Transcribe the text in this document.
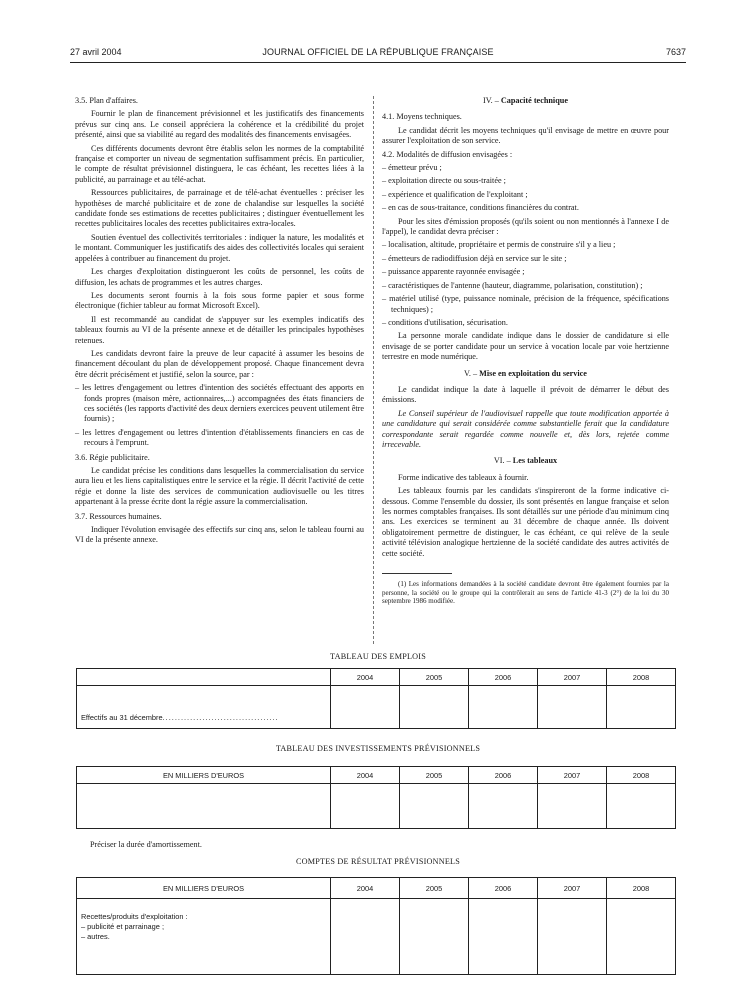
27 avril 2004	JOURNAL OFFICIEL DE LA RÉPUBLIQUE FRANÇAISE	7637

3.5. Plan d'affaires.

Fournir le plan de financement prévisionnel et les justificatifs des financements prévus sur cinq ans. Le conseil appréciera la cohérence et la crédibilité du projet présenté, ainsi que sa viabilité au regard des modalités des financements envisagées.

Ces différents documents devront être établis selon les normes de la comptabilité française et comporter un niveau de segmentation suffisamment précis. En particulier, le compte de résultat prévisionnel distinguera, le cas échéant, les recettes liées à la publicité, au parrainage et au télé-achat.

Ressources publicitaires, de parrainage et de télé-achat éventuelles : préciser les hypothèses de marché publicitaire et de zone de chalandise sur lesquelles la société candidate fonde ses estimations de recettes publicitaires ; distinguer éventuellement les recettes publicitaires locales des recettes publicitaires extra-locales.

Soutien éventuel des collectivités territoriales : indiquer la nature, les modalités et le montant. Communiquer les justificatifs des aides des collectivités locales qui seraient appelées à contribuer au financement du projet.

Les charges d'exploitation distingueront les coûts de personnel, les coûts de diffusion, les achats de programmes et les autres charges.

Les documents seront fournis à la fois sous forme papier et sous forme électronique (fichier tableur au format Microsoft Excel).

Il est recommandé au candidat de s'appuyer sur les exemples indicatifs des tableaux fournis au VI de la présente annexe et de détailler les principales hypothèses retenues.

Les candidats devront faire la preuve de leur capacité à assumer les besoins de financement découlant du plan de développement proposé. Chaque financement devra être décrit précisément et justifié, selon la source, par :

– les lettres d'engagement ou lettres d'intention des sociétés effectuant des apports en fonds propres (maison mère, actionnaires,...) accompagnées des états financiers de ces sociétés (les rapports d'activité des deux derniers exercices peuvent utilement être fournis) ;

– les lettres d'engagement ou lettres d'intention d'établissements financiers en cas de recours à l'emprunt.

3.6. Régie publicitaire.

Le candidat précise les conditions dans lesquelles la commercialisation du service aura lieu et les liens capitalistiques entre le service et la régie. Il décrit l'activité de cette régie et donne la liste des services de communication audiovisuelle ou les titres appartenant à la presse écrite dont la régie assure la commercialisation.

3.7. Ressources humaines.

Indiquer l'évolution envisagée des effectifs sur cinq ans, selon le tableau fourni au VI de la présente annexe.

IV. – Capacité technique

4.1. Moyens techniques.

Le candidat décrit les moyens techniques qu'il envisage de mettre en œuvre pour assurer l'exploitation de son service.

4.2. Modalités de diffusion envisagées :

– émetteur prévu ;

– exploitation directe ou sous-traitée ;

– expérience et qualification de l'exploitant ;

– en cas de sous-traitance, conditions financières du contrat.

Pour les sites d'émission proposés (qu'ils soient ou non mentionnés à l'annexe I de l'appel), le candidat devra préciser :

– localisation, altitude, propriétaire et permis de construire s'il y a lieu ;

– émetteurs de radiodiffusion déjà en service sur le site ;

– puissance apparente rayonnée envisagée ;

– caractéristiques de l'antenne (hauteur, diagramme, polarisation, constitution) ;

– matériel utilisé (type, puissance nominale, précision de la fréquence, spécifications techniques) ;

– conditions d'utilisation, sécurisation.

La personne morale candidate indique dans le dossier de candidature si elle envisage de se porter candidate pour un service à vocation locale par voie hertzienne terrestre en mode numérique.

V. – Mise en exploitation du service

Le candidat indique la date à laquelle il prévoit de démarrer le début des émissions.

Le Conseil supérieur de l'audiovisuel rappelle que toute modification apportée à une candidature qui serait considérée comme substantielle ferait que la candidature correspondante serait regardée comme nouvelle et, dès lors, rejetée comme irrecevable.

VI. – Les tableaux

Forme indicative des tableaux à fournir.

Les tableaux fournis par les candidats s'inspireront de la forme indicative ci-dessous. Comme l'ensemble du dossier, ils sont présentés en langue française et selon les normes comptables françaises. Ils sont détaillés sur une période d'au minimum cinq ans. Les exercices se terminent au 31 décembre de chaque année. Ils doivent obligatoirement permettre de distinguer, le cas échéant, ce qui relève de la seule activité télévision analogique hertzienne de la société candidate des autres activités de cette société.

(1) Les informations demandées à la société candidate devront être également fournies par la personne, la société ou le groupe qui la contrôlerait au sens de l'article 41-3 (2°) de la loi du 30 septembre 1986 modifiée.

TABLEAU DES EMPLOIS
	2004	2005	2006	2007	2008
Effectifs au 31 décembre......................................					
TABLEAU DES INVESTISSEMENTS PRÉVISIONNELS
EN MILLIERS D'EUROS	2004	2005	2006	2007	2008

Préciser la durée d'amortissement.
COMPTES DE RÉSULTAT PRÉVISIONNELS
EN MILLIERS D'EUROS	2004	2005	2006	2007	2008

Recettes/produits d'exploitation :
– publicité et parrainage ;
– autres.					
